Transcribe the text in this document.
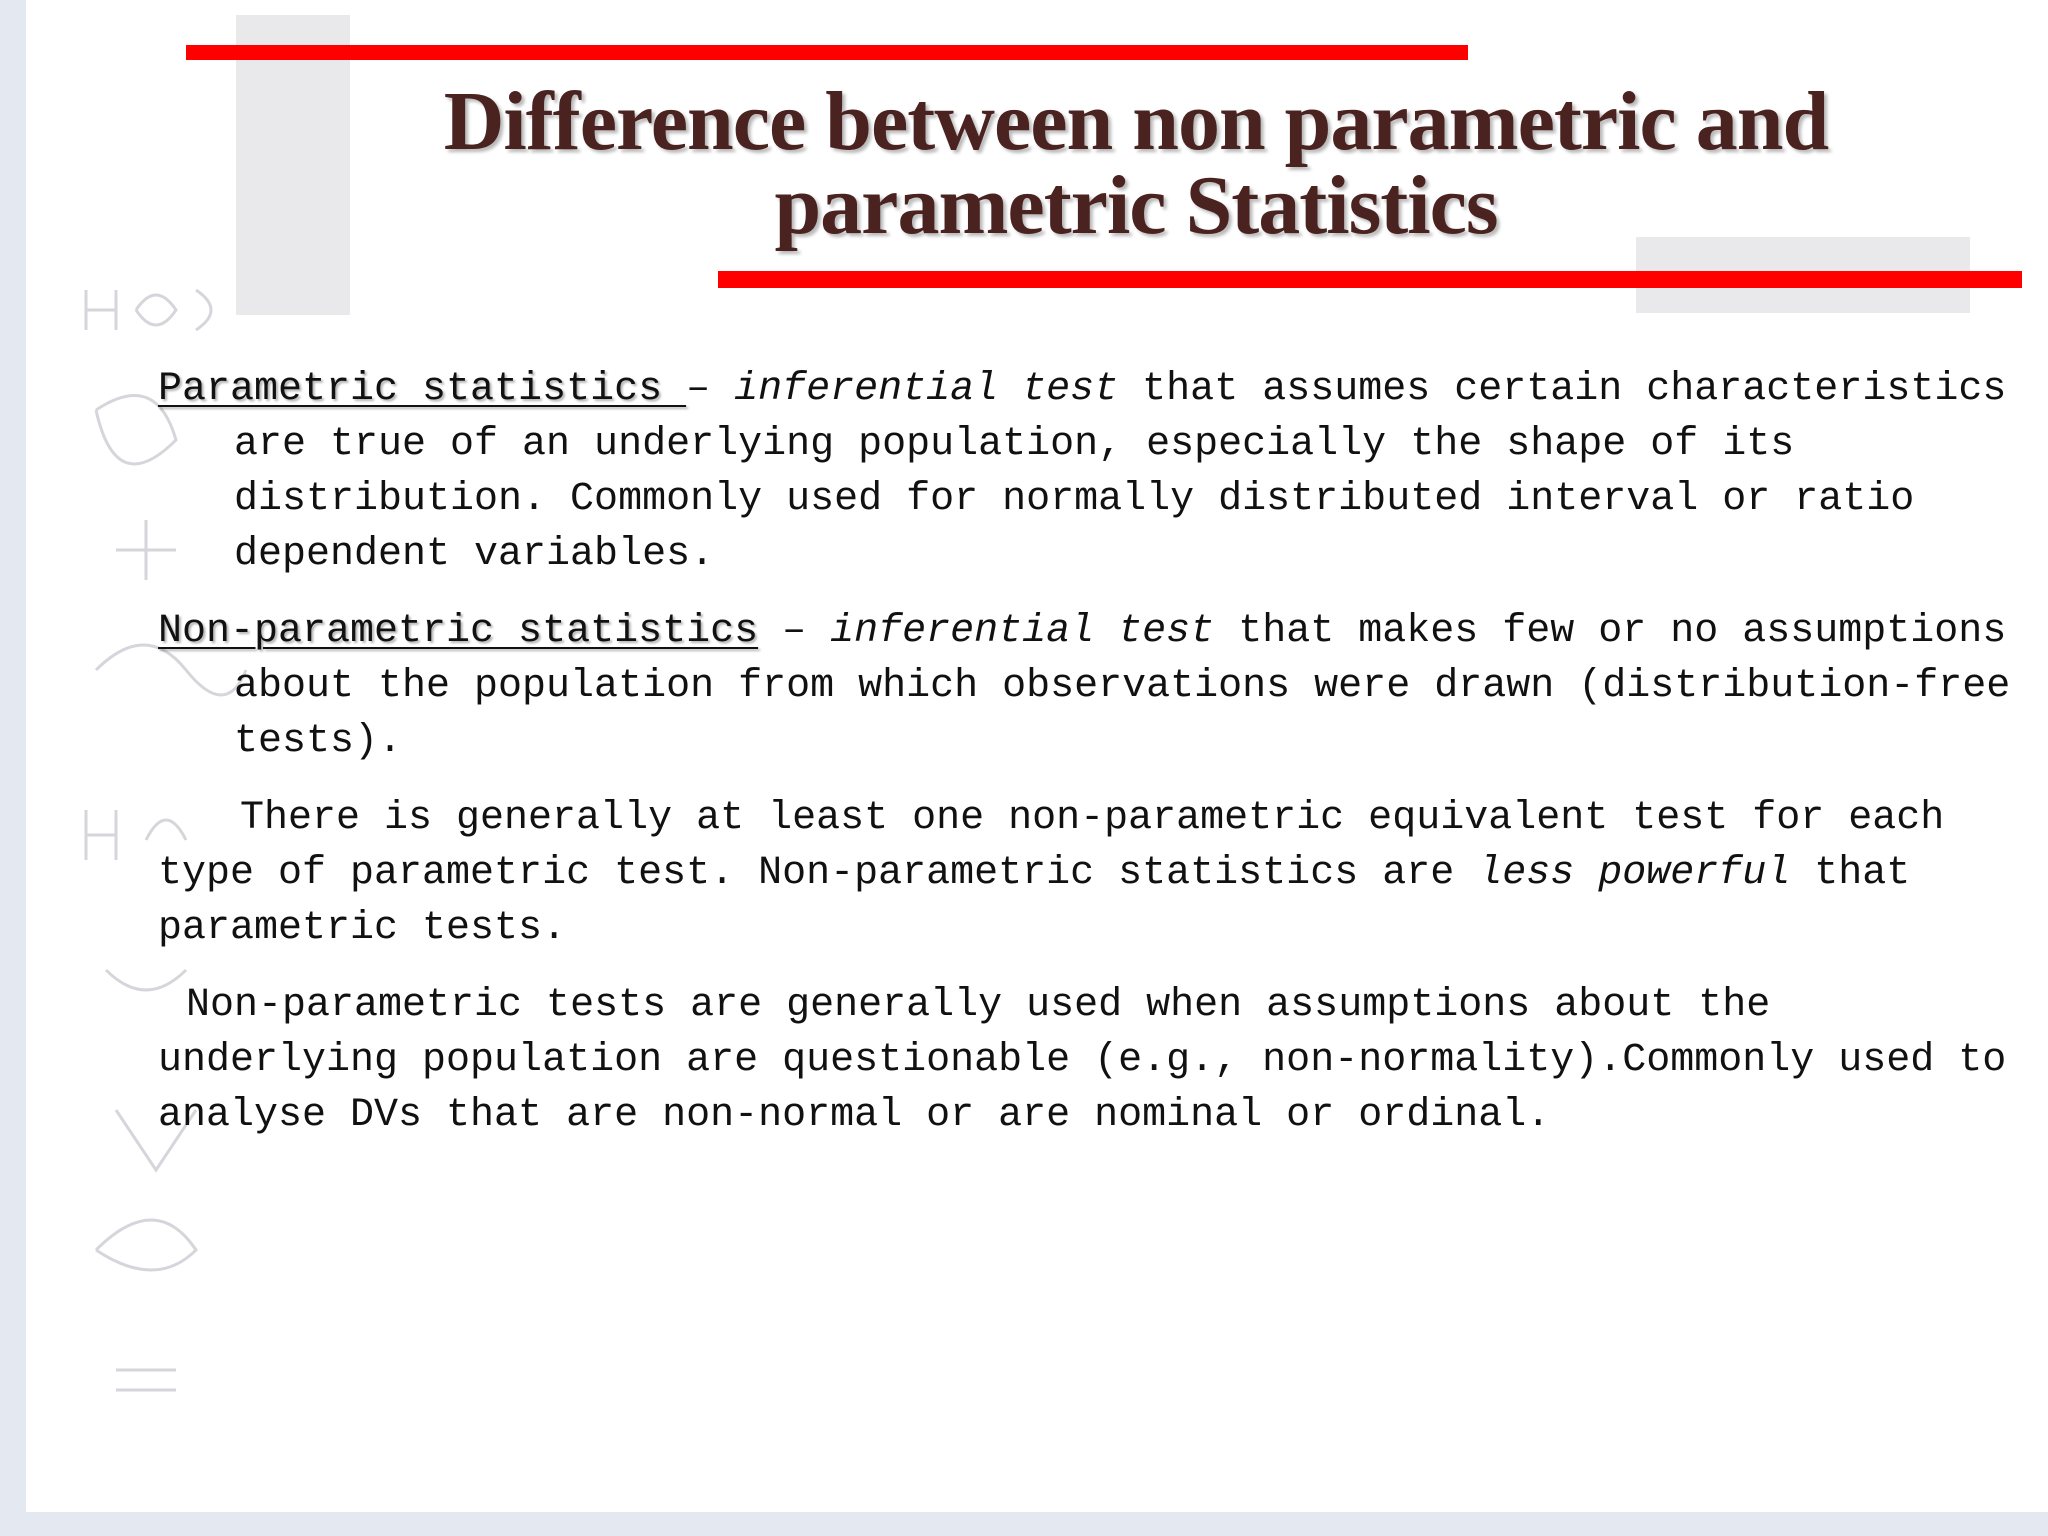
Difference between non parametric and
parametric Statistics

Parametric statistics – inferential test that assumes certain characteristics are true of an underlying population, especially the shape of its distribution. Commonly used for normally distributed interval or ratio dependent variables.

Non-parametric statistics – inferential test that makes few or no assumptions about the population from which observations were drawn (distribution-free tests).

There is generally at least one non-parametric equivalent test for each type of parametric test. Non-parametric statistics are less powerful that parametric tests.

Non-parametric tests are generally used when assumptions about the underlying population are questionable (e.g., non-normality).Commonly used to analyse DVs that are non-normal or are nominal or ordinal.
